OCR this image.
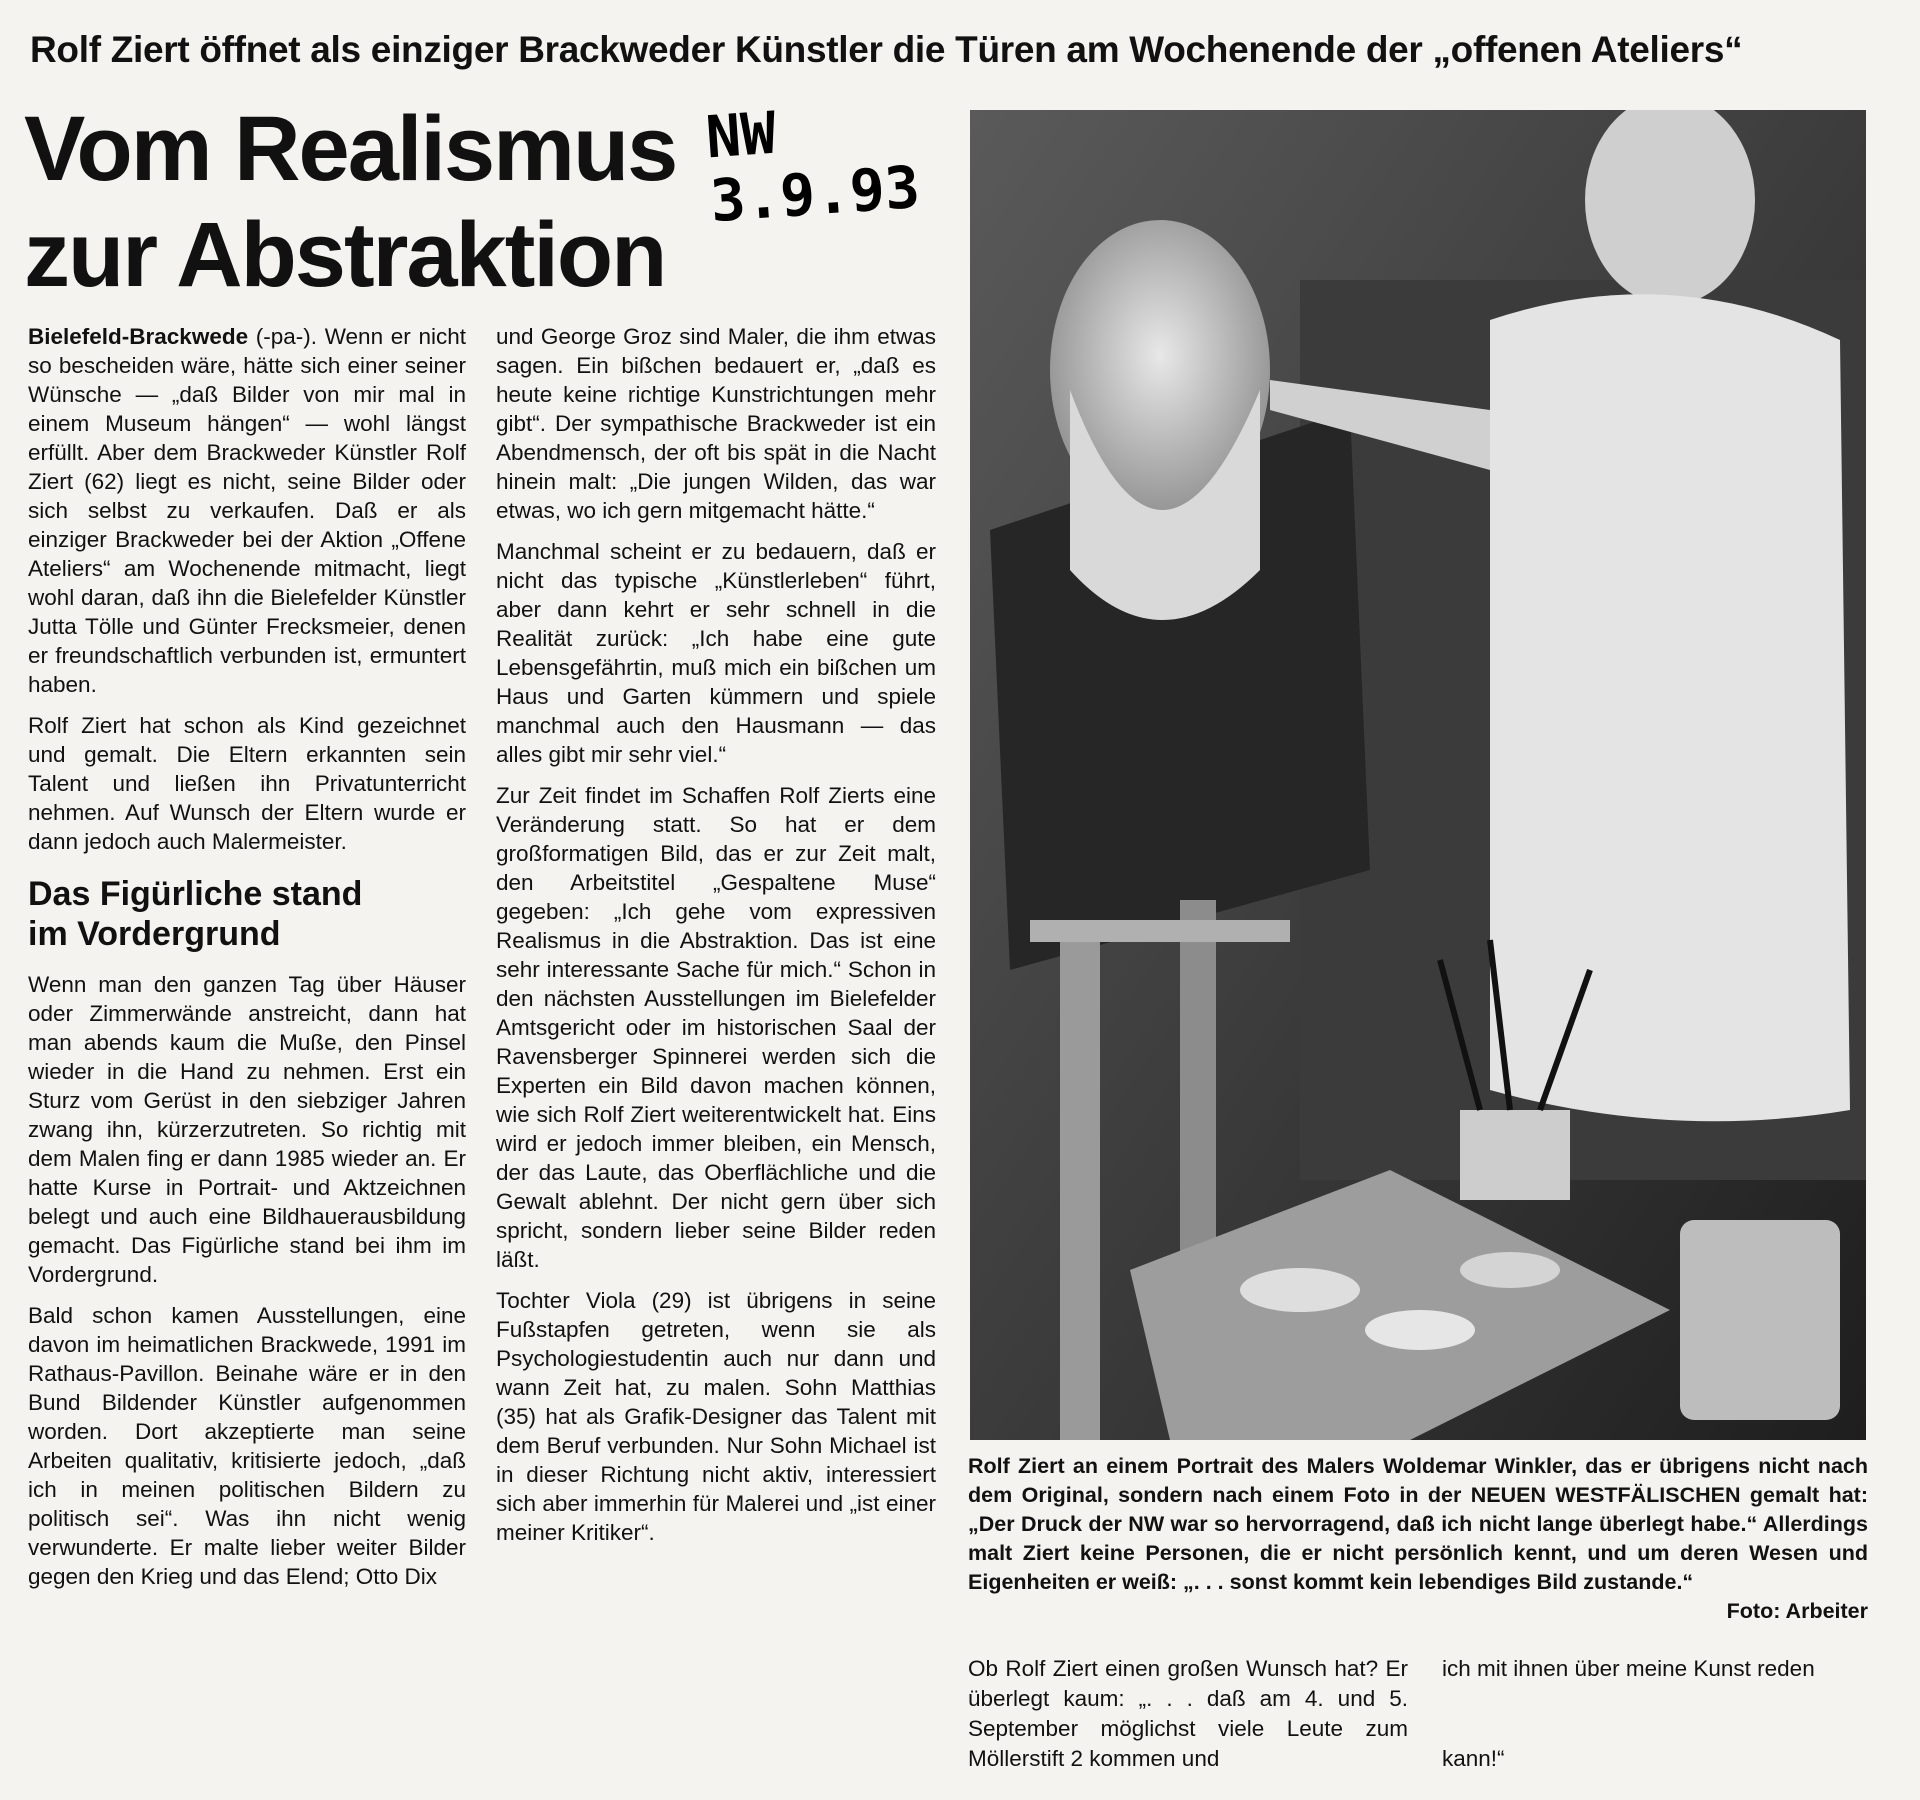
Rolf Ziert öffnet als einziger Brackweder Künstler die Türen am Wochenende der „offenen Ateliers“
Vom Realismus
zur Abstraktion
NW
3.9.93

Bielefeld-Brackwede (-pa-). Wenn er nicht so bescheiden wäre, hätte sich einer seiner Wünsche — „daß Bilder von mir mal in einem Museum hängen“ — wohl längst erfüllt. Aber dem Brackweder Künstler Rolf Ziert (62) liegt es nicht, seine Bilder oder sich selbst zu verkaufen. Daß er als einziger Brackweder bei der Aktion „Offene Ateliers“ am Wochenende mitmacht, liegt wohl daran, daß ihn die Bielefelder Künstler Jutta Tölle und Günter Frecksmeier, denen er freundschaftlich verbunden ist, ermuntert haben.

Rolf Ziert hat schon als Kind gezeichnet und gemalt. Die Eltern erkannten sein Talent und ließen ihn Privatunterricht nehmen. Auf Wunsch der Eltern wurde er dann jedoch auch Malermeister.

Das Figürliche stand
im Vordergrund

Wenn man den ganzen Tag über Häuser oder Zimmerwände anstreicht, dann hat man abends kaum die Muße, den Pinsel wieder in die Hand zu nehmen. Erst ein Sturz vom Gerüst in den siebziger Jahren zwang ihn, kürzerzutreten. So richtig mit dem Malen fing er dann 1985 wieder an. Er hatte Kurse in Portrait- und Aktzeichnen belegt und auch eine Bildhauerausbildung gemacht. Das Figürliche stand bei ihm im Vordergrund.

Bald schon kamen Ausstellungen, eine davon im heimatlichen Brackwede, 1991 im Rathaus-Pavillon. Beinahe wäre er in den Bund Bildender Künstler aufgenommen worden. Dort akzeptierte man seine Arbeiten qualitativ, kritisierte jedoch, „daß ich in meinen politischen Bildern zu politisch sei“. Was ihn nicht wenig verwunderte. Er malte lieber weiter Bilder gegen den Krieg und das Elend; Otto Dix

und George Groz sind Maler, die ihm etwas sagen. Ein bißchen bedauert er, „daß es heute keine richtige Kunstrichtungen mehr gibt“. Der sympathische Brackweder ist ein Abendmensch, der oft bis spät in die Nacht hinein malt: „Die jungen Wilden, das war etwas, wo ich gern mitgemacht hätte.“

Manchmal scheint er zu bedauern, daß er nicht das typische „Künstlerleben“ führt, aber dann kehrt er sehr schnell in die Realität zurück: „Ich habe eine gute Lebensgefährtin, muß mich ein bißchen um Haus und Garten kümmern und spiele manchmal auch den Hausmann — das alles gibt mir sehr viel.“

Zur Zeit findet im Schaffen Rolf Zierts eine Veränderung statt. So hat er dem großformatigen Bild, das er zur Zeit malt, den Arbeitstitel „Gespaltene Muse“ gegeben: „Ich gehe vom expressiven Realismus in die Abstraktion. Das ist eine sehr interessante Sache für mich.“ Schon in den nächsten Ausstellungen im Bielefelder Amtsgericht oder im historischen Saal der Ravensberger Spinnerei werden sich die Experten ein Bild davon machen können, wie sich Rolf Ziert weiterentwickelt hat. Eins wird er jedoch immer bleiben, ein Mensch, der das Laute, das Oberflächliche und die Gewalt ablehnt. Der nicht gern über sich spricht, sondern lieber seine Bilder reden läßt.

Tochter Viola (29) ist übrigens in seine Fußstapfen getreten, wenn sie als Psychologiestudentin auch nur dann und wann Zeit hat, zu malen. Sohn Matthias (35) hat als Grafik-Designer das Talent mit dem Beruf verbunden. Nur Sohn Michael ist in dieser Richtung nicht aktiv, interessiert sich aber immerhin für Malerei und „ist einer meiner Kritiker“.

Rolf Ziert an einem Portrait des Malers Woldemar Winkler, das er übrigens nicht nach dem Original, sondern nach einem Foto in der NEUEN WESTFÄLISCHEN gemalt hat: „Der Druck der NW war so hervorragend, daß ich nicht lange überlegt habe.“ Allerdings malt Ziert keine Personen, die er nicht persönlich kennt, und um deren Wesen und Eigenheiten er weiß: „. . . sonst kommt kein lebendiges Bild zustande.“
Foto: Arbeiter

Ob Rolf Ziert einen großen Wunsch hat? Er überlegt kaum: „. . . daß am 4. und 5. September möglichst viele Leute zum Möllerstift 2 kommen und

ich mit ihnen über meine Kunst reden
kann!“
